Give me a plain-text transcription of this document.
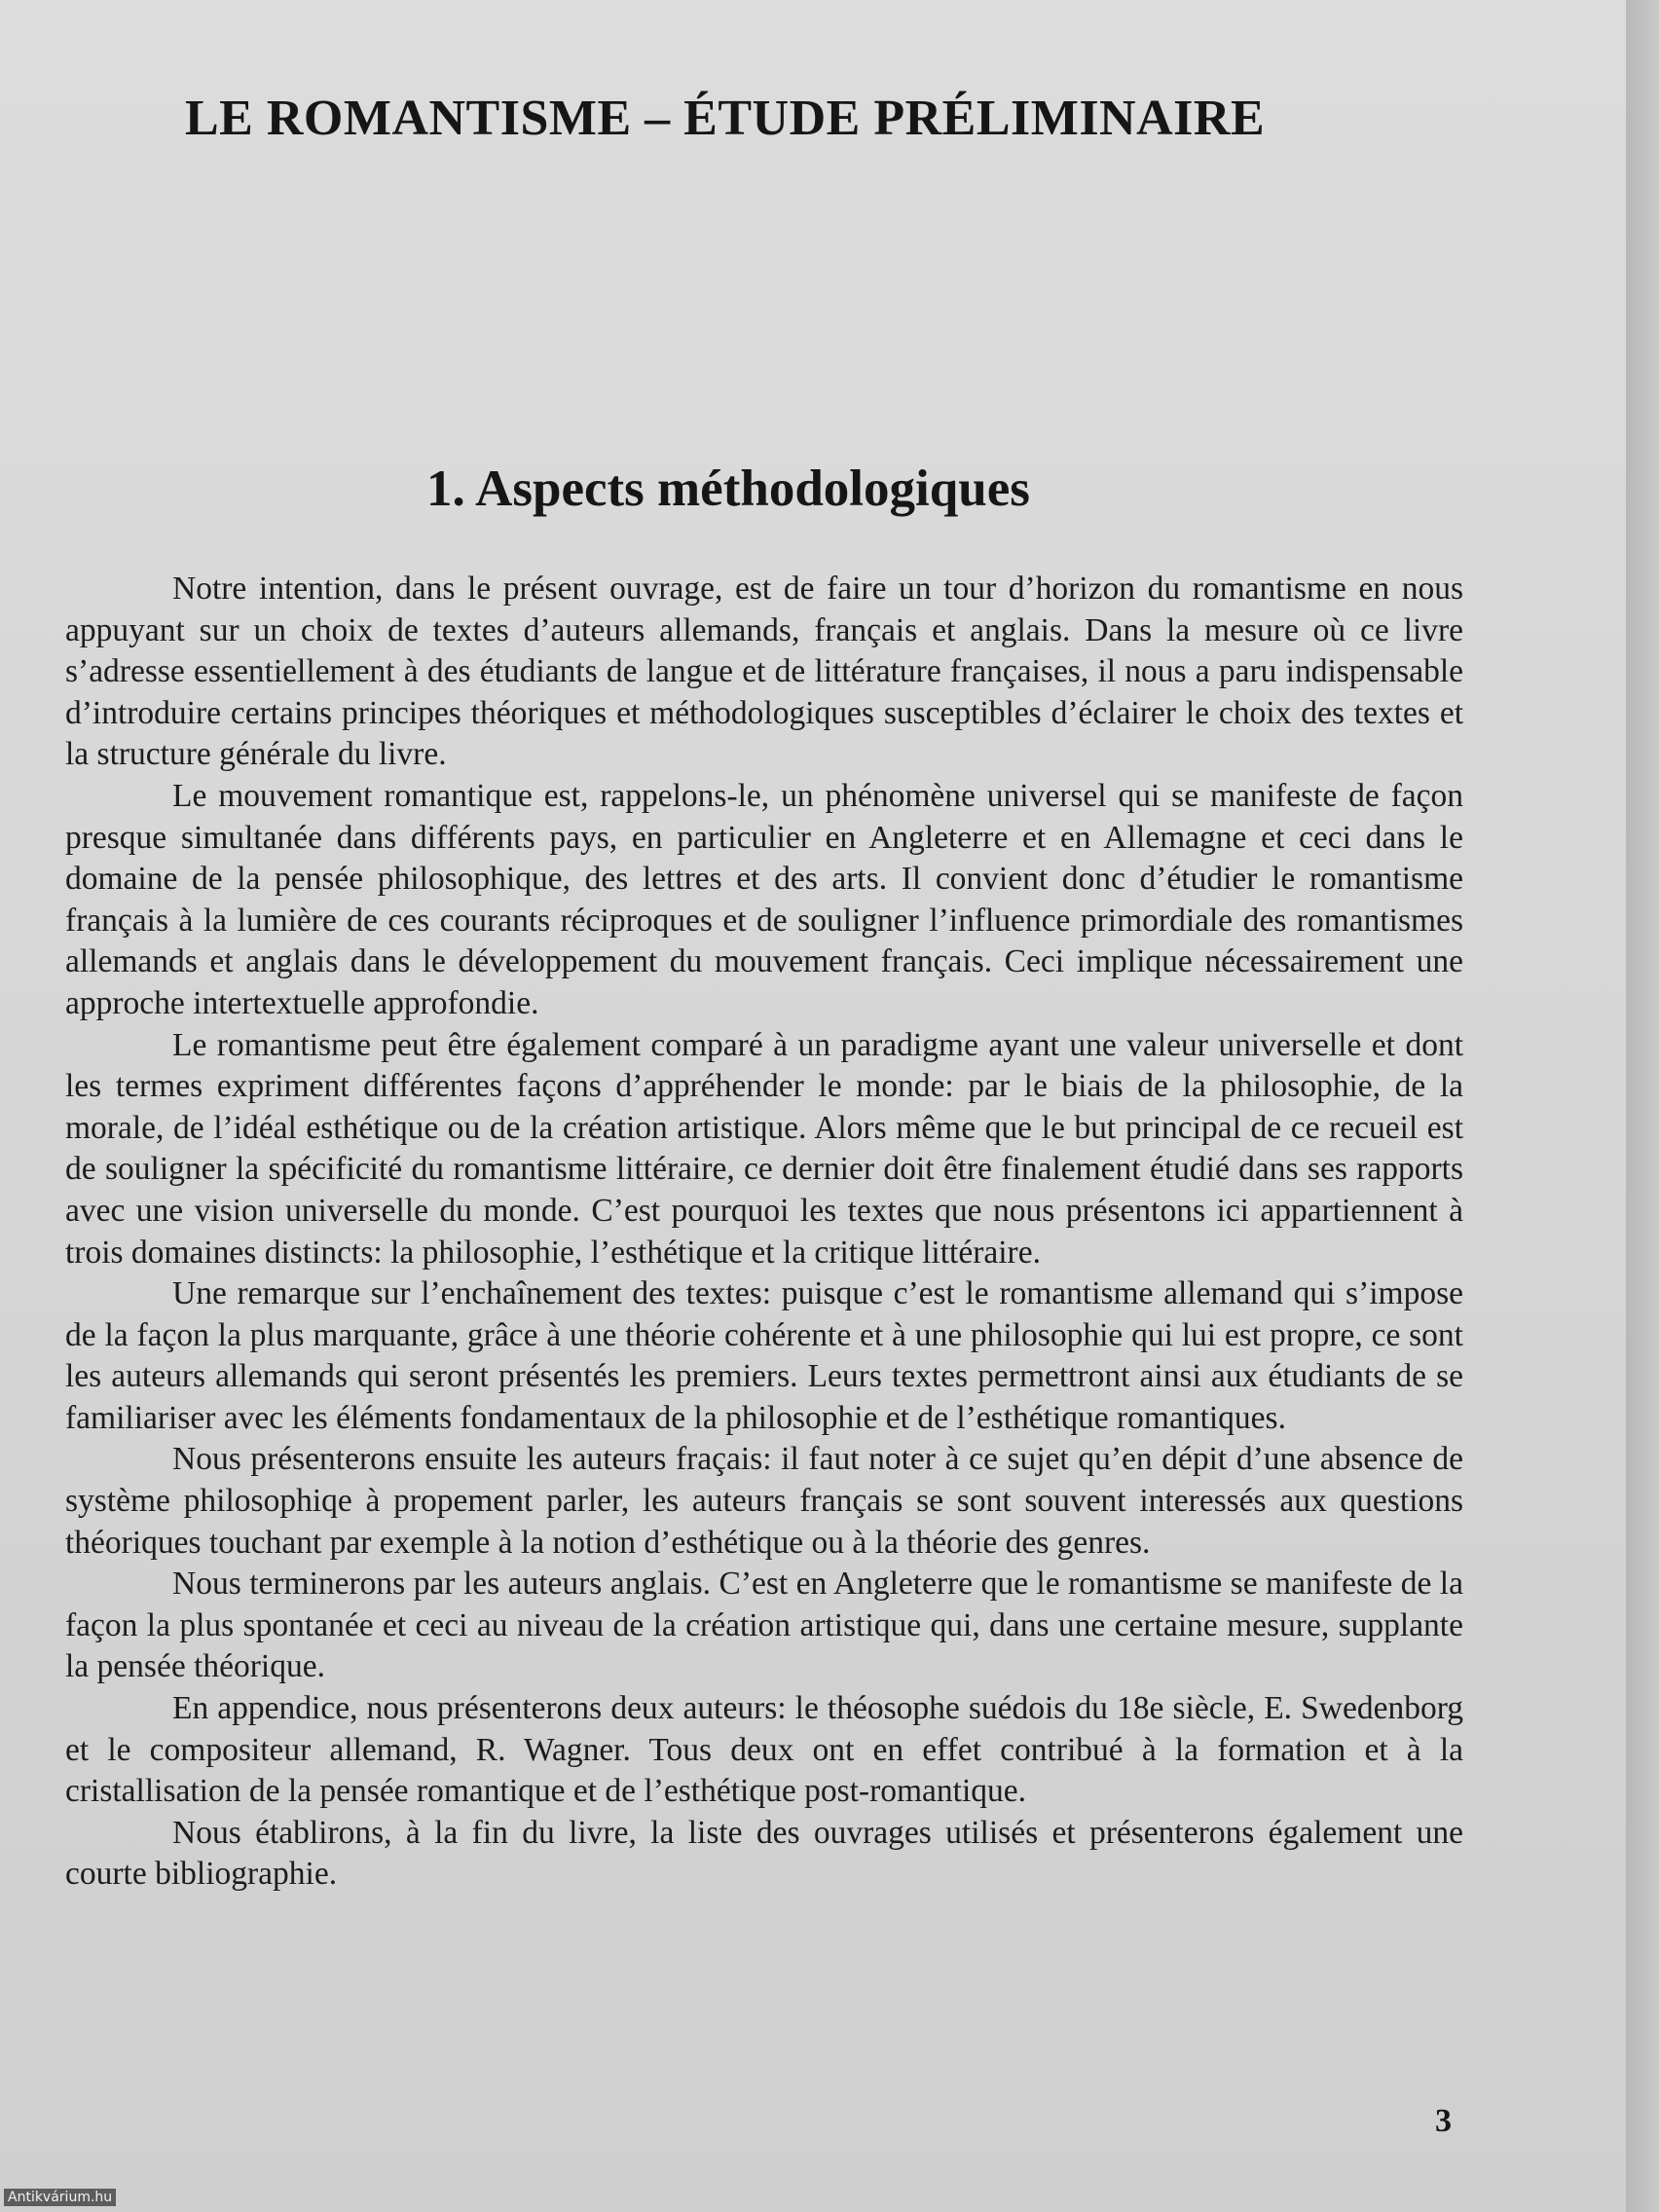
LE ROMANTISME – ÉTUDE PRÉLIMINAIRE
1. Aspects méthodologiques

Notre intention, dans le présent ouvrage, est de faire un tour d’horizon du romantisme en nous appuyant sur un choix de textes d’auteurs allemands, français et anglais. Dans la mesure où ce livre s’adresse essentiellement à des étudiants de langue et de littérature françaises, il nous a paru indispensable d’introduire certains principes théoriques et méthodologiques susceptibles d’éclairer le choix des textes et la structure générale du livre.

Le mouvement romantique est, rappelons-le, un phénomène universel qui se manifeste de façon presque simultanée dans différents pays, en particulier en Angleterre et en Allemagne et ceci dans le domaine de la pensée philosophique, des lettres et des arts. Il convient donc d’étudier le romantisme français à la lumière de ces courants réciproques et de souligner l’influence primordiale des romantismes allemands et anglais dans le développement du mouvement français. Ceci implique nécessairement une approche intertextuelle approfondie.

Le romantisme peut être également comparé à un paradigme ayant une valeur universelle et dont les termes expriment différentes façons d’appréhender le monde: par le biais de la philosophie, de la morale, de l’idéal esthétique ou de la création artistique. Alors même que le but principal de ce recueil est de souligner la spécificité du romantisme littéraire, ce dernier doit être finalement étudié dans ses rapports avec une vision universelle du monde. C’est pourquoi les textes que nous présentons ici appartiennent à trois domaines distincts: la philosophie, l’esthétique et la critique littéraire.

Une remarque sur l’enchaînement des textes: puisque c’est le romantisme allemand qui s’impose de la façon la plus marquante, grâce à une théorie cohérente et à une philosophie qui lui est propre, ce sont les auteurs allemands qui seront présentés les premiers. Leurs textes permettront ainsi aux étudiants de se familiariser avec les éléments fondamentaux de la philosophie et de l’esthétique romantiques.

Nous présenterons ensuite les auteurs fraçais: il faut noter à ce sujet qu’en dépit d’une absence de système philosophiqe à propement parler, les auteurs français se sont souvent interessés aux questions théoriques touchant par exemple à la notion d’esthétique ou à la théorie des genres.

Nous terminerons par les auteurs anglais. C’est en Angleterre que le romantisme se manifeste de la façon la plus spontanée et ceci au niveau de la création artistique qui, dans une certaine mesure, supplante la pensée théorique.

En appendice, nous présenterons deux auteurs: le théosophe suédois du 18e siècle, E. Swedenborg et le compositeur allemand, R. Wagner. Tous deux ont en effet contribué à la formation et à la cristallisation de la pensée romantique et de l’esthétique post-romantique.

Nous établirons, à la fin du livre, la liste des ouvrages utilisés et présenterons également une courte bibliographie.

3
Antikvárium.hu
